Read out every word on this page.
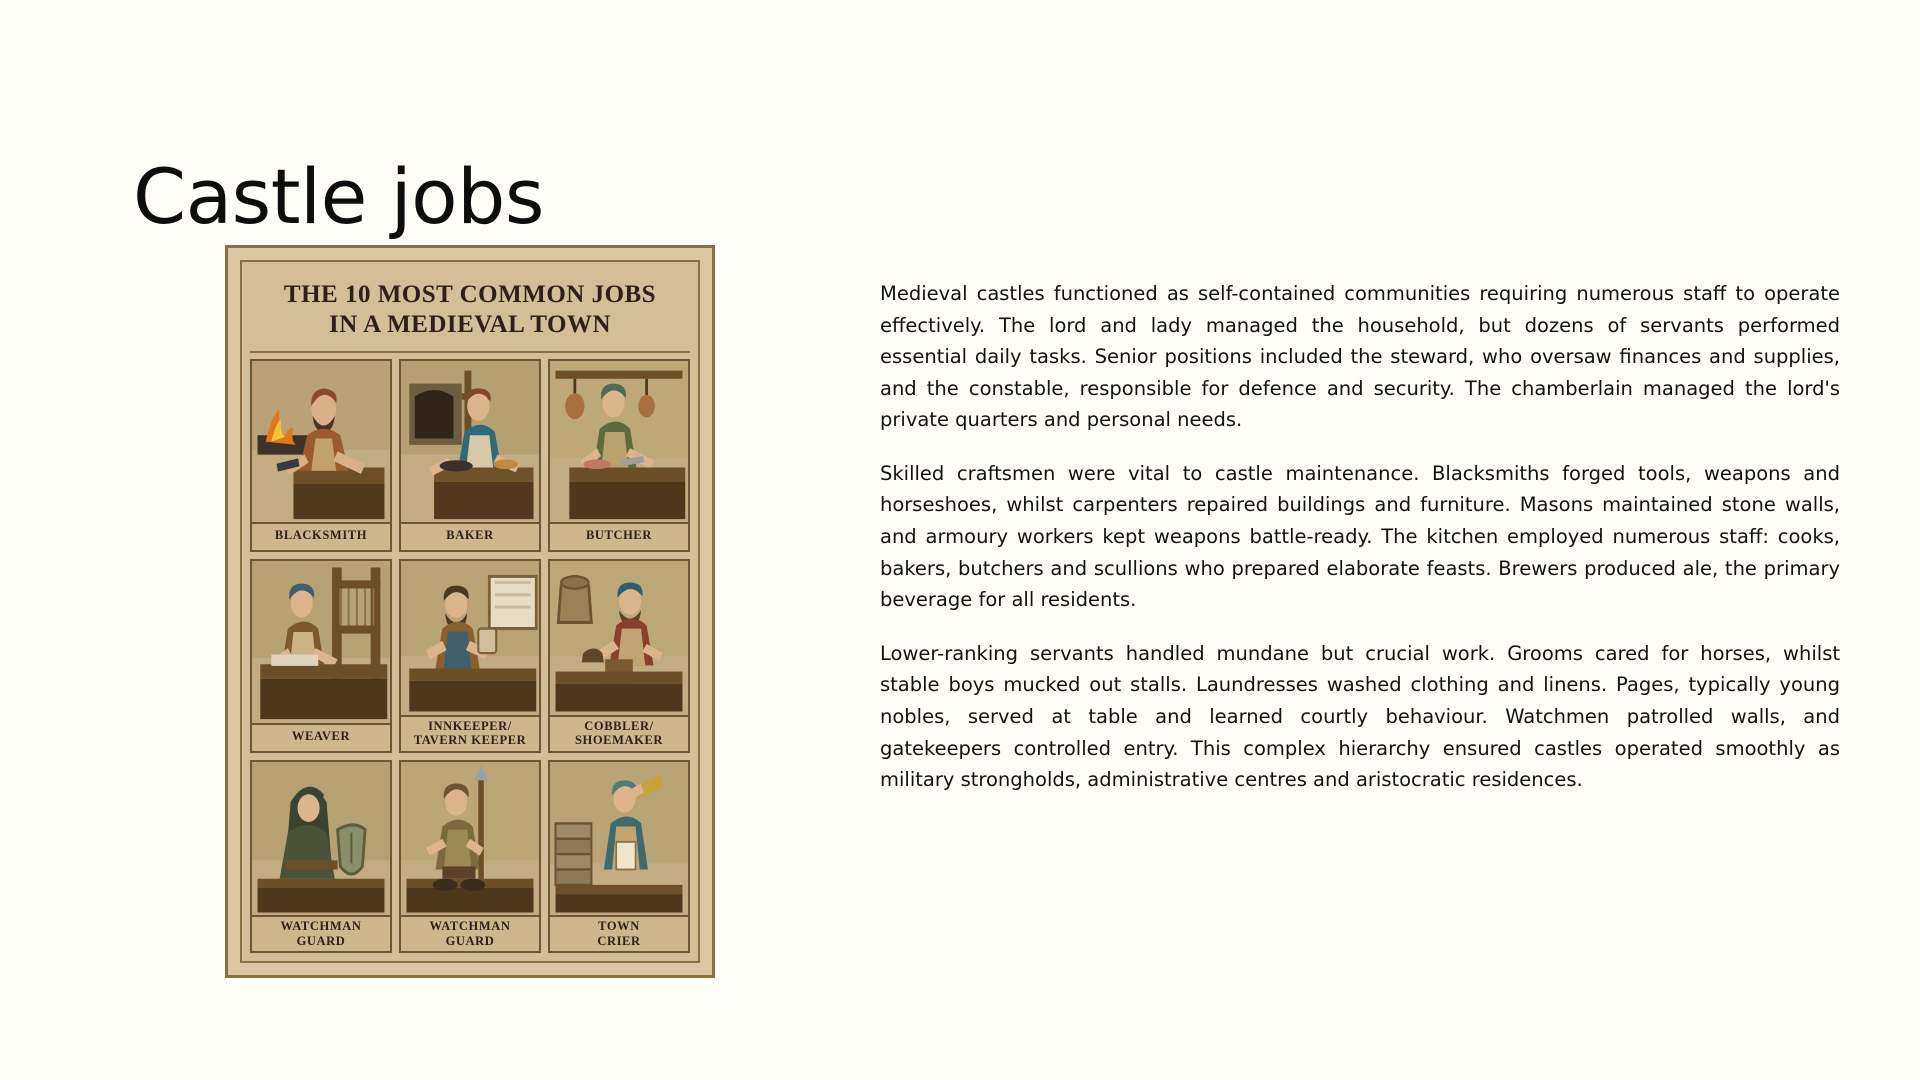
Castle jobs
THE 10 MOST COMMON JOBS
IN A MEDIEVAL TOWN
BLACKSMITH	BAKER	BUTCHER
WEAVER
INNKEEPER/
TAVERN KEEPER
COBBLER/
SHOEMAKER
WATCHMAN
GUARD
WATCHMAN
GUARD
TOWN
CRIER

Medieval castles functioned as self-contained communities requiring numerous staff to operate effectively. The lord and lady managed the household, but dozens of servants performed essential daily tasks. Senior positions included the steward, who oversaw finances and supplies, and the constable, responsible for defence and security. The chamberlain managed the lord's private quarters and personal needs.

Skilled craftsmen were vital to castle maintenance. Blacksmiths forged tools, weapons and horseshoes, whilst carpenters repaired buildings and furniture. Masons maintained stone walls, and armoury workers kept weapons battle-ready. The kitchen employed numerous staff: cooks, bakers, butchers and scullions who prepared elaborate feasts. Brewers produced ale, the primary beverage for all residents.

Lower-ranking servants handled mundane but crucial work. Grooms cared for horses, whilst stable boys mucked out stalls. Laundresses washed clothing and linens. Pages, typically young nobles, served at table and learned courtly behaviour. Watchmen patrolled walls, and gatekeepers controlled entry. This complex hierarchy ensured castles operated smoothly as military strongholds, administrative centres and aristocratic residences.
